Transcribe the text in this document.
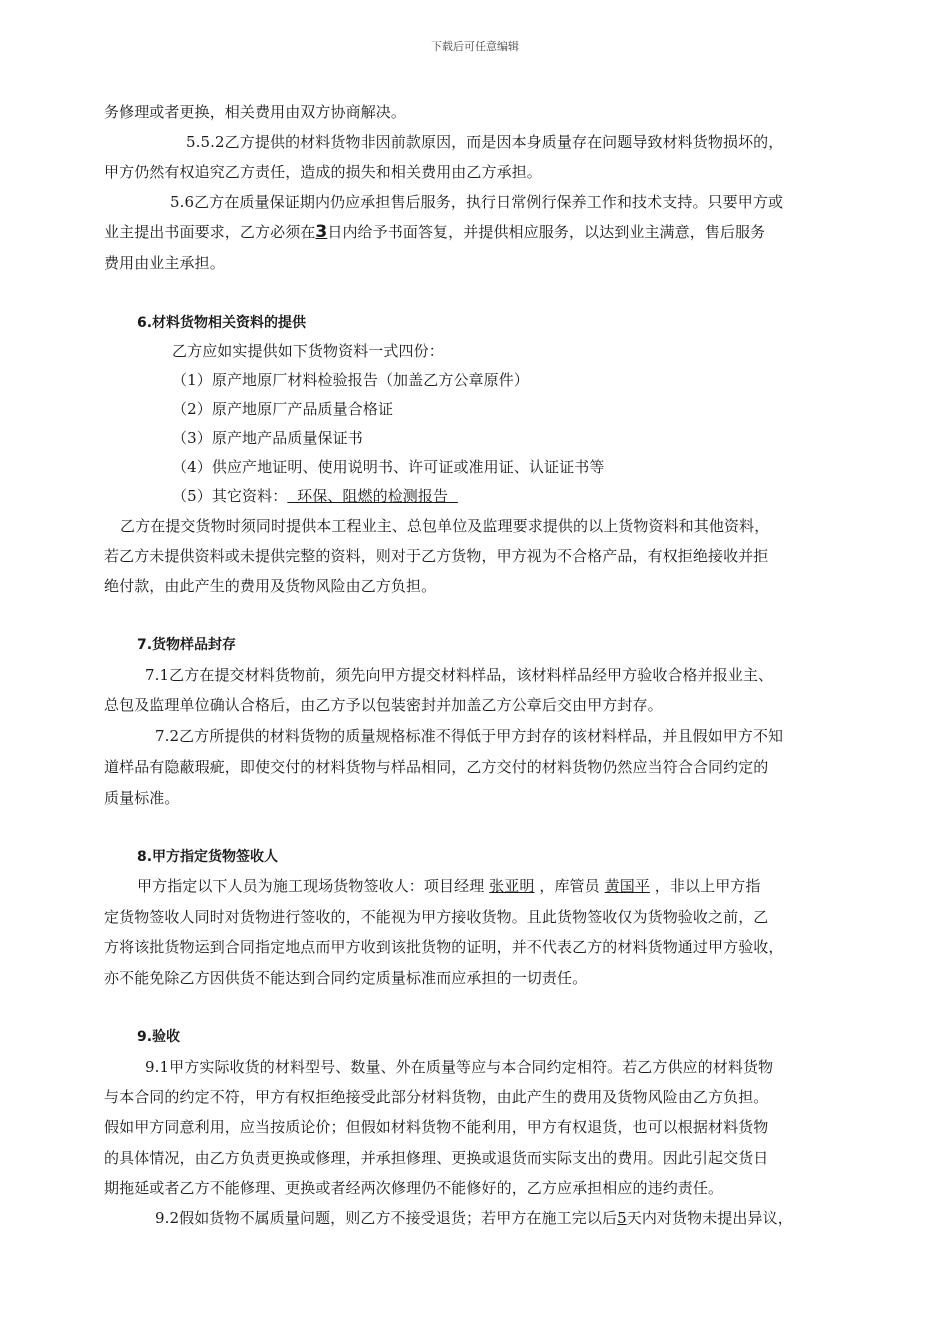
下载后可任意编辑
务修理或者更换，相关费用由双方协商解决。
5.5.2乙方提供的材料货物非因前款原因，而是因本身质量存在问题导致材料货物损坏的，
甲方仍然有权追究乙方责任，造成的损失和相关费用由乙方承担。
5.6乙方在质量保证期内仍应承担售后服务，执行日常例行保养工作和技术支持。只要甲方或
业主提出书面要求，乙方必须在3日内给予书面答复，并提供相应服务，以达到业主满意，售后服务
费用由业主承担。
6.材料货物相关资料的提供
乙方应如实提供如下货物资料一式四份：
（1）原产地原厂材料检验报告（加盖乙方公章原件）
（2）原产地原厂产品质量合格证
（3）原产地产品质量保证书
（4）供应产地证明、使用说明书、许可证或准用证、认证证书等
（5）其它资料：  环保、阻燃的检测报告
乙方在提交货物时须同时提供本工程业主、总包单位及监理要求提供的以上货物资料和其他资料，
若乙方未提供资料或未提供完整的资料，则对于乙方货物，甲方视为不合格产品，有权拒绝接收并拒
绝付款，由此产生的费用及货物风险由乙方负担。
7.货物样品封存
7.1乙方在提交材料货物前，须先向甲方提交材料样品，该材料样品经甲方验收合格并报业主、
总包及监理单位确认合格后，由乙方予以包装密封并加盖乙方公章后交由甲方封存。
7.2乙方所提供的材料货物的质量规格标准不得低于甲方封存的该材料样品，并且假如甲方不知
道样品有隐蔽瑕疵，即使交付的材料货物与样品相同，乙方交付的材料货物仍然应当符合合同约定的
质量标准。
8.甲方指定货物签收人
甲方指定以下人员为施工现场货物签收人：项目经理 张亚明 ，库管员 黄国平 ，非以上甲方指
定货物签收人同时对货物进行签收的，不能视为甲方接收货物。且此货物签收仅为货物验收之前，乙
方将该批货物运到合同指定地点而甲方收到该批货物的证明，并不代表乙方的材料货物通过甲方验收，
亦不能免除乙方因供货不能达到合同约定质量标准而应承担的一切责任。
9.验收
9.1甲方实际收货的材料型号、数量、外在质量等应与本合同约定相符。若乙方供应的材料货物
与本合同的约定不符，甲方有权拒绝接受此部分材料货物，由此产生的费用及货物风险由乙方负担。
假如甲方同意利用，应当按质论价；但假如材料货物不能利用，甲方有权退货，也可以根据材料货物
的具体情况，由乙方负责更换或修理，并承担修理、更换或退货而实际支出的费用。因此引起交货日
期拖延或者乙方不能修理、更换或者经两次修理仍不能修好的，乙方应承担相应的违约责任。
9.2假如货物不属质量问题，则乙方不接受退货；若甲方在施工完以后5天内对货物未提出异议，
